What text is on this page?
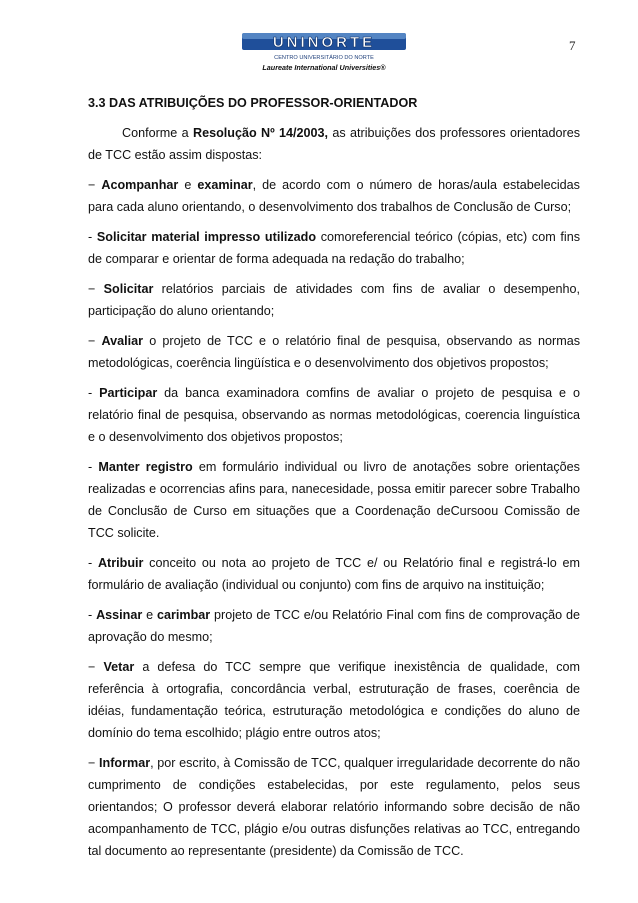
7
UNINORTE
CENTRO UNIVERSITÁRIO DO NORTE
Laureate International Universities®
3.3 DAS ATRIBUIÇÕES DO PROFESSOR-ORIENTADOR

Conforme a Resolução Nº 14/2003, as atribuições dos professores orientadores de TCC estão assim dispostas:

− Acompanhar e examinar, de acordo com o número de horas/aula estabelecidas para cada aluno orientando, o desenvolvimento dos trabalhos de Conclusão de Curso;

- Solicitar material impresso utilizado comoreferencial teórico (cópias, etc) com fins de comparar e orientar de forma adequada na redação do trabalho;

− Solicitar relatórios parciais de atividades com fins de avaliar o desempenho, participação do aluno orientando;

− Avaliar o projeto de TCC e o relatório final de pesquisa, observando as normas metodológicas, coerência lingüística e o desenvolvimento dos objetivos propostos;

- Participar da banca examinadora comfins de avaliar o projeto de pesquisa e o relatório final de pesquisa, observando as normas metodológicas, coerencia linguística e o desenvolvimento dos objetivos propostos;

- Manter registro em formulário individual ou livro de anotações sobre orientações realizadas e ocorrencias afins para, nanecesidade, possa emitir parecer sobre Trabalho de Conclusão de Curso em situações que a Coordenação deCursoou Comissão de TCC solicite.

- Atribuir conceito ou nota ao projeto de TCC e/ ou Relatório final e registrá-lo em formulário de avaliação (individual ou conjunto) com fins de arquivo na instituição;

- Assinar e carimbar projeto de TCC e/ou Relatório Final com fins de comprovação de aprovação do mesmo;

− Vetar a defesa do TCC sempre que verifique inexistência de qualidade, com referência à ortografia, concordância verbal, estruturação de frases, coerência de idéias, fundamentação teórica, estruturação metodológica e condições do aluno de domínio do tema escolhido; plágio entre outros atos;

− Informar, por escrito, à Comissão de TCC, qualquer irregularidade decorrente do não cumprimento de condições estabelecidas, por este regulamento, pelos seus orientandos; O professor deverá elaborar relatório informando sobre decisão de não acompanhamento de TCC, plágio e/ou outras disfunções relativas ao TCC, entregando tal documento ao representante (presidente) da Comissão de TCC.
